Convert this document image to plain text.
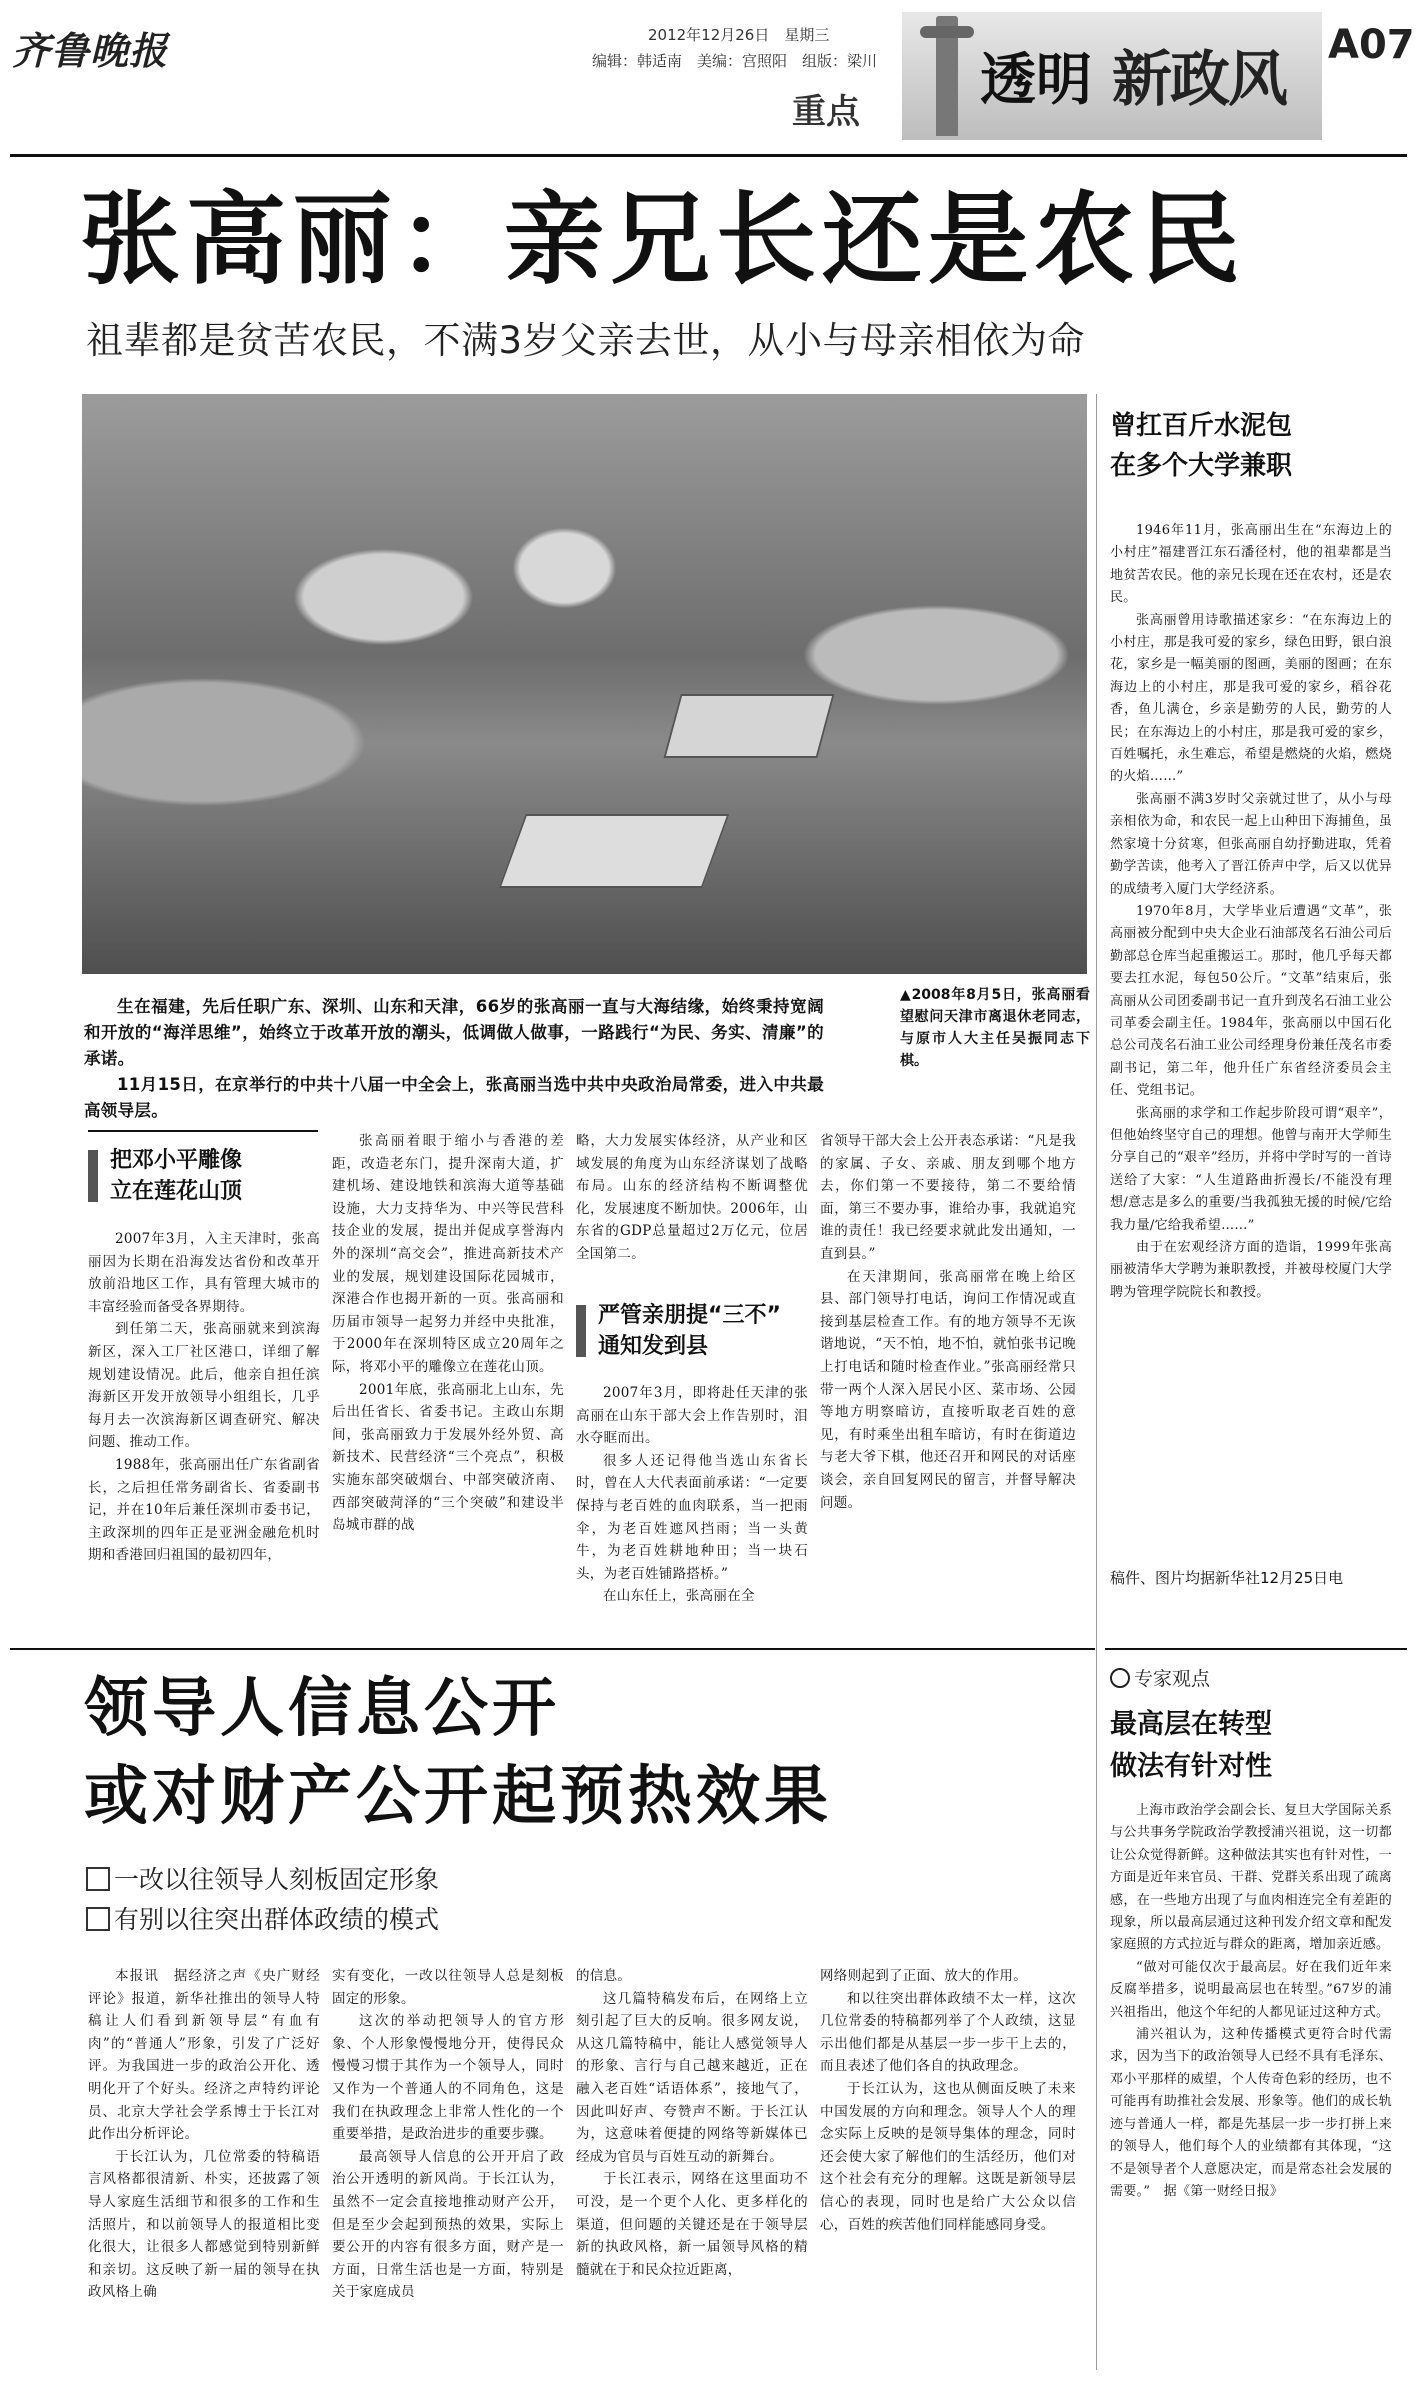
齐鲁晚报	2012年12月26日　星期三
编辑：韩适南　美编：宫照阳　组版：梁川
重点 透明 新政风 A07
张高丽：亲兄长还是农民
祖辈都是贫苦农民，不满3岁父亲去世，从小与母亲相依为命

生在福建，先后任职广东、深圳、山东和天津，66岁的张高丽一直与大海结缘，始终秉持宽阔和开放的“海洋思维”，始终立于改革开放的潮头，低调做人做事，一路践行“为民、务实、清廉”的承诺。

11月15日，在京举行的中共十八届一中全会上，张高丽当选中共中央政治局常委，进入中共最高领导层。

▲2008年8月5日，张高丽看望慰问天津市离退休老同志，与原市人大主任吴振同志下棋。
曾扛百斤水泥包
在多个大学兼职

1946年11月，张高丽出生在“东海边上的小村庄”福建晋江东石潘径村，他的祖辈都是当地贫苦农民。他的亲兄长现在还在农村，还是农民。

张高丽曾用诗歌描述家乡：“在东海边上的小村庄，那是我可爱的家乡，绿色田野，银白浪花，家乡是一幅美丽的图画，美丽的图画；在东海边上的小村庄，那是我可爱的家乡，稻谷花香，鱼儿满仓，乡亲是勤劳的人民，勤劳的人民；在东海边上的小村庄，那是我可爱的家乡，百姓嘱托，永生难忘，希望是燃烧的火焰，燃烧的火焰……”

张高丽不满3岁时父亲就过世了，从小与母亲相依为命，和农民一起上山种田下海捕鱼，虽然家境十分贫寒，但张高丽自幼抒勤进取，凭着勤学苦读，他考入了晋江侨声中学，后又以优异的成绩考入厦门大学经济系。

1970年8月，大学毕业后遭遇“文革”，张高丽被分配到中央大企业石油部茂名石油公司后勤部总仓库当起重搬运工。那时，他几乎每天都要去扛水泥，每包50公斤。“文革”结束后，张高丽从公司团委副书记一直升到茂名石油工业公司革委会副主任。1984年，张高丽以中国石化总公司茂名石油工业公司经理身份兼任茂名市委副书记，第二年，他升任广东省经济委员会主任、党组书记。

张高丽的求学和工作起步阶段可谓“艰辛”，但他始终坚守自己的理想。他曾与南开大学师生分享自己的“艰辛”经历，并将中学时写的一首诗送给了大家：“人生道路曲折漫长/不能没有理想/意志是多么的重要/当我孤独无援的时候/它给我力量/它给我希望……”

由于在宏观经济方面的造诣，1999年张高丽被清华大学聘为兼职教授，并被母校厦门大学聘为管理学院院长和教授。

稿件、图片均据新华社12月25日电
把邓小平雕像
立在莲花山顶

2007年3月，入主天津时，张高丽因为长期在沿海发达省份和改革开放前沿地区工作，具有管理大城市的丰富经验而备受各界期待。

到任第二天，张高丽就来到滨海新区，深入工厂社区港口，详细了解规划建设情况。此后，他亲自担任滨海新区开发开放领导小组组长，几乎每月去一次滨海新区调查研究、解决问题、推动工作。

1988年，张高丽出任广东省副省长，之后担任常务副省长、省委副书记，并在10年后兼任深圳市委书记，主政深圳的四年正是亚洲金融危机时期和香港回归祖国的最初四年，

张高丽着眼于缩小与香港的差距，改造老东门，提升深南大道，扩建机场、建设地铁和滨海大道等基础设施，大力支持华为、中兴等民营科技企业的发展，提出并促成享誉海内外的深圳“高交会”，推进高新技术产业的发展，规划建设国际花园城市，深港合作也揭开新的一页。张高丽和历届市领导一起努力并经中央批准，于2000年在深圳特区成立20周年之际，将邓小平的雕像立在莲花山顶。

2001年底，张高丽北上山东，先后出任省长、省委书记。主政山东期间，张高丽致力于发展外经外贸、高新技术、民营经济“三个亮点”，积极实施东部突破烟台、中部突破济南、西部突破菏泽的“三个突破”和建设半岛城市群的战

略，大力发展实体经济，从产业和区域发展的角度为山东经济谋划了战略布局。山东的经济结构不断调整优化，发展速度不断加快。2006年，山东省的GDP总量超过2万亿元，位居全国第二。

严管亲朋提“三不”
通知发到县

2007年3月，即将赴任天津的张高丽在山东干部大会上作告别时，泪水夺眶而出。

很多人还记得他当选山东省长时，曾在人大代表面前承诺：“一定要保持与老百姓的血肉联系，当一把雨伞，为老百姓遮风挡雨；当一头黄牛，为老百姓耕地种田；当一块石头，为老百姓铺路搭桥。”

在山东任上，张高丽在全

省领导干部大会上公开表态承诺：“凡是我的家属、子女、亲戚、朋友到哪个地方去，你们第一不要接待，第二不要给情面，第三不要办事，谁给办事，我就追究谁的责任！我已经要求就此发出通知，一直到县。”

在天津期间，张高丽常在晚上给区县、部门领导打电话，询问工作情况或直接到基层检查工作。有的地方领导不无诙谐地说，“天不怕，地不怕，就怕张书记晚上打电话和随时检查作业。”张高丽经常只带一两个人深入居民小区、菜市场、公园等地方明察暗访，直接听取老百姓的意见，有时乘坐出租车暗访，有时在街道边与老大爷下棋，他还召开和网民的对话座谈会，亲自回复网民的留言，并督导解决问题。

领导人信息公开
或对财产公开起预热效果
一改以往领导人刻板固定形象
有别以往突出群体政绩的模式

本报讯　据经济之声《央广财经评论》报道，新华社推出的领导人特稿让人们看到新领导层“有血有肉”的“普通人”形象，引发了广泛好评。为我国进一步的政治公开化、透明化开了个好头。经济之声特约评论员、北京大学社会学系博士于长江对此作出分析评论。

于长江认为，几位常委的特稿语言风格都很清新、朴实，还披露了领导人家庭生活细节和很多的工作和生活照片，和以前领导人的报道相比变化很大，让很多人都感觉到特别新鲜和亲切。这反映了新一届的领导在执政风格上确

实有变化，一改以往领导人总是刻板固定的形象。

这次的举动把领导人的官方形象、个人形象慢慢地分开，使得民众慢慢习惯于其作为一个领导人，同时又作为一个普通人的不同角色，这是我们在执政理念上非常人性化的一个重要举措，是政治进步的重要步骤。

最高领导人信息的公开开启了政治公开透明的新风尚。于长江认为，虽然不一定会直接地推动财产公开，但是至少会起到预热的效果，实际上要公开的内容有很多方面，财产是一方面，日常生活也是一方面，特别是关于家庭成员

的信息。

这几篇特稿发布后，在网络上立刻引起了巨大的反响。很多网友说，从这几篇特稿中，能让人感觉领导人的形象、言行与自己越来越近，正在融入老百姓“话语体系”，接地气了，因此叫好声、夸赞声不断。于长江认为，这意味着便捷的网络等新媒体已经成为官员与百姓互动的新舞台。

于长江表示，网络在这里面功不可没，是一个更个人化、更多样化的渠道，但问题的关键还是在于领导层新的执政风格，新一届领导风格的精髓就在于和民众拉近距离，

网络则起到了正面、放大的作用。

和以往突出群体政绩不太一样，这次几位常委的特稿都列举了个人政绩，这显示出他们都是从基层一步一步干上去的，而且表述了他们各自的执政理念。

于长江认为，这也从侧面反映了未来中国发展的方向和理念。领导人个人的理念实际上反映的是领导集体的理念，同时还会使大家了解他们的生活经历，他们对这个社会有充分的理解。这既是新领导层信心的表现，同时也是给广大公众以信心，百姓的疾苦他们同样能感同身受。

专家观点
最高层在转型
做法有针对性

上海市政治学会副会长、复旦大学国际关系与公共事务学院政治学教授浦兴祖说，这一切都让公众觉得新鲜。这种做法其实也有针对性，一方面是近年来官员、干群、党群关系出现了疏离感，在一些地方出现了与血肉相连完全有差距的现象，所以最高层通过这种刊发介绍文章和配发家庭照的方式拉近与群众的距离，增加亲近感。

“做对可能仅次于最高层。好在我们近年来反腐举措多，说明最高层也在转型。”67岁的浦兴祖指出，他这个年纪的人都见证过这种方式。

浦兴祖认为，这种传播模式更符合时代需求，因为当下的政治领导人已经不具有毛泽东、邓小平那样的威望，个人传奇色彩的经历，也不可能再有助推社会发展、形象等。他们的成长轨迹与普通人一样，都是先基层一步一步打拼上来的领导人，他们每个人的业绩都有其体现，“这不是领导者个人意愿决定，而是常态社会发展的需要。”　据《第一财经日报》
